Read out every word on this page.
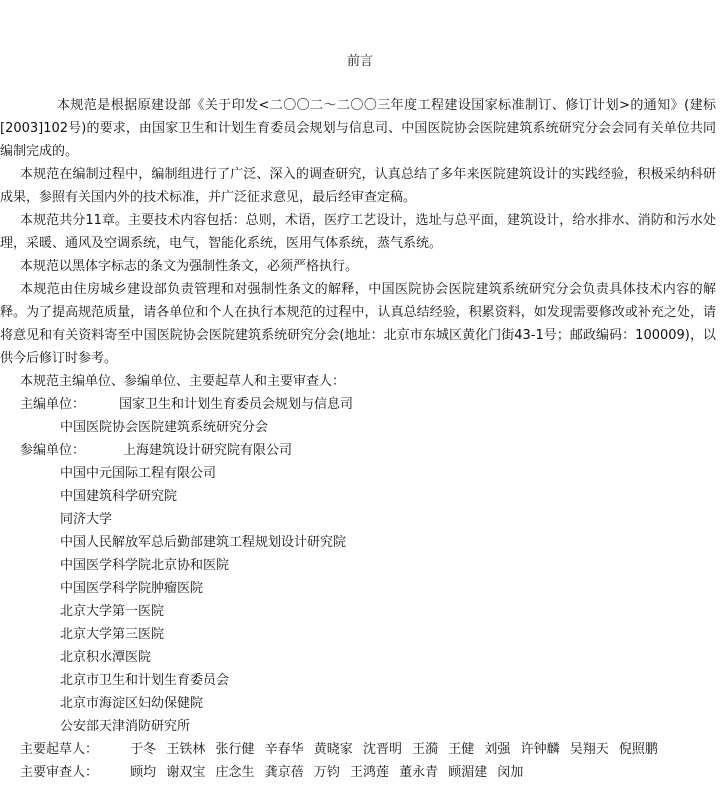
前言

本规范是根据原建设部《关于印发<二〇〇二～二〇〇三年度工程建设国家标准制订、修订计划>的通知》(建标[2003]102号)的要求，由国家卫生和计划生育委员会规划与信息司、中国医院协会医院建筑系统研究分会会同有关单位共同编制完成的。

本规范在编制过程中，编制组进行了广泛、深入的调查研究，认真总结了多年来医院建筑设计的实践经验，积极采纳科研成果，参照有关国内外的技术标准，并广泛征求意见，最后经审查定稿。

本规范共分11章。主要技术内容包括：总则，术语，医疗工艺设计，选址与总平面，建筑设计，给水排水、消防和污水处理，采暖、通风及空调系统，电气，智能化系统，医用气体系统，蒸气系统。

本规范以黑体字标志的条文为强制性条文，必须严格执行。

本规范由住房城乡建设部负责管理和对强制性条文的解释，中国医院协会医院建筑系统研究分会负责具体技术内容的解释。为了提高规范质量，请各单位和个人在执行本规范的过程中，认真总结经验，积累资料，如发现需要修改或补充之处，请将意见和有关资料寄至中国医院协会医院建筑系统研究分会(地址：北京市东城区黄化门街43-1号；邮政编码：100009)，以供今后修订时参考。

本规范主编单位、参编单位、主要起草人和主要审查人：

主编单位：	国家卫生和计划生育委员会规划与信息司
中国医院协会医院建筑系统研究分会
参编单位：	上海建筑设计研究院有限公司
中国中元国际工程有限公司
中国建筑科学研究院
同济大学
中国人民解放军总后勤部建筑工程规划设计研究院
中国医学科学院北京协和医院
中国医学科学院肿瘤医院
北京大学第一医院
北京大学第三医院
北京积水潭医院
北京市卫生和计划生育委员会
北京市海淀区妇幼保健院
公安部天津消防研究所
主要起草人： 于冬 王铁林 张行健 辛春华 黄晓家 沈晋明 王漪 王健 刘强 许钟麟 吴翔天 倪照鹏
主要审查人： 顾均 谢双宝 庄念生 龚京蓓 万钧 王鸿莲 董永青 顾湄建 闵加
